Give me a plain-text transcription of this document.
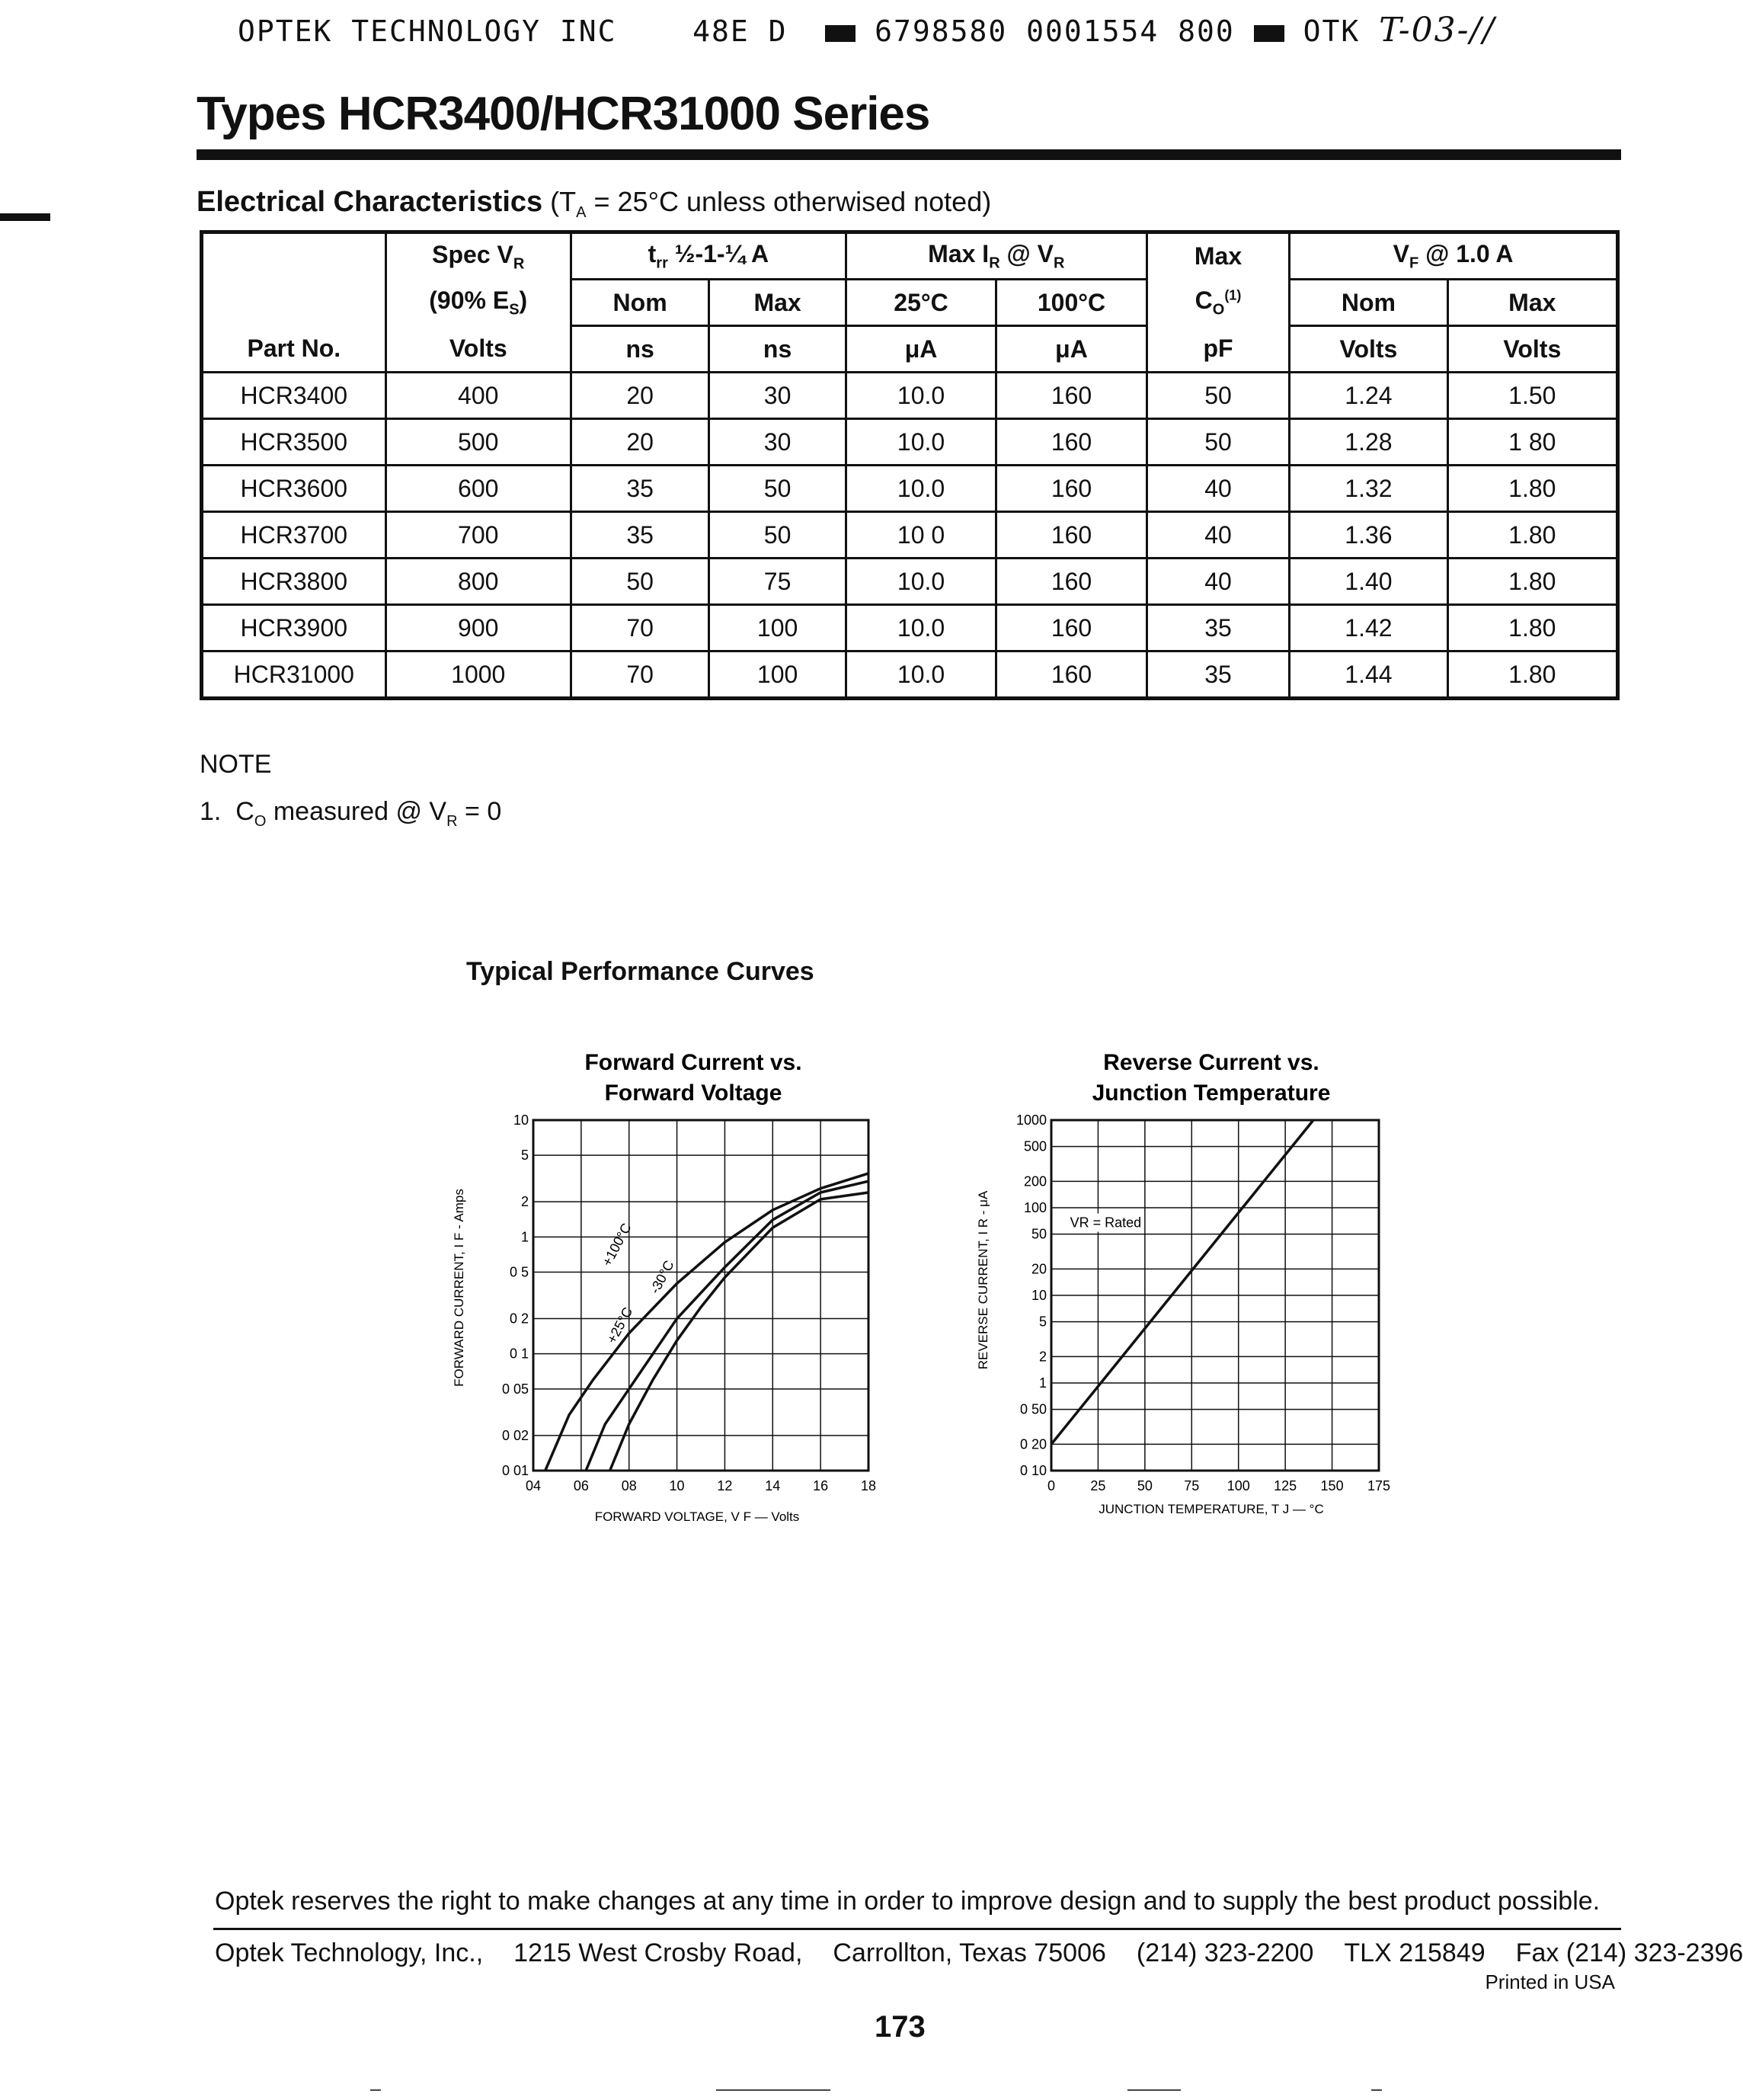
OPTEK TECHNOLOGY INC	48E D	6798580 0001554 800 OTK T-03-//
Types HCR3400/HCR31000 Series
Electrical Characteristics ($T_A = 25^\circ C$ unless otherwised noted)
	Spec $V_R$	$t_{rr}$ ½-1-¼ A		Max $I_R$ @ $V_R$		Max	$V_F$ @ 1.0 A	
	(90% $E_S$)	Nom	Max	25°C	100°C	$C_O^{(1)}$	Nom	Max
Part No.	Volts	ns	ns	μA	μA	pF	Volts	Volts
HCR3400	400	20	30	10.0	160	50	1.24	1.50
HCR3500	500	20	30	10.0	160	50	1.28	1 80
HCR3600	600	35	50	10.0	160	40	1.32	1.80
HCR3700	700	35	50	10 0	160	40	1.36	1.80
HCR3800	800	50	75	10.0	160	40	1.40	1.80
HCR3900	900	70	100	10.0	160	35	1.42	1.80
HCR31000	1000	70	100	10.0	160	35	1.44	1.80
NOTE
1. $C_O$ measured @ $V_R = 0$
Typical Performance Curves
Forward Current vs.
Forward Voltage
04 06 08 10 12 14 16 18
10
5
2
1
0 5
0 2
0 1
0 05
0 02
0 01
+100°C
+25°C
-30°C
FORWARD VOLTAGE, V F — Volts
FORWARD CURRENT, I F - Amps
Reverse Current vs.
Junction Temperature
0	25 50 75 100 125 150 175
1000
500
200
100
50
20
10
5
2
1
0 50
0 20
0 10
VR = Rated
JUNCTION TEMPERATURE, T J — °C
REVERSE CURRENT, I R - μA
Optek reserves the right to make changes at any time in order to improve design and to supply the best product possible.
Optek Technology, Inc., 1215 West Crosby Road, Carrollton, Texas 75006 (214) 323-2200 TLX 215849 Fax (214) 323-2396
Printed in USA
173
